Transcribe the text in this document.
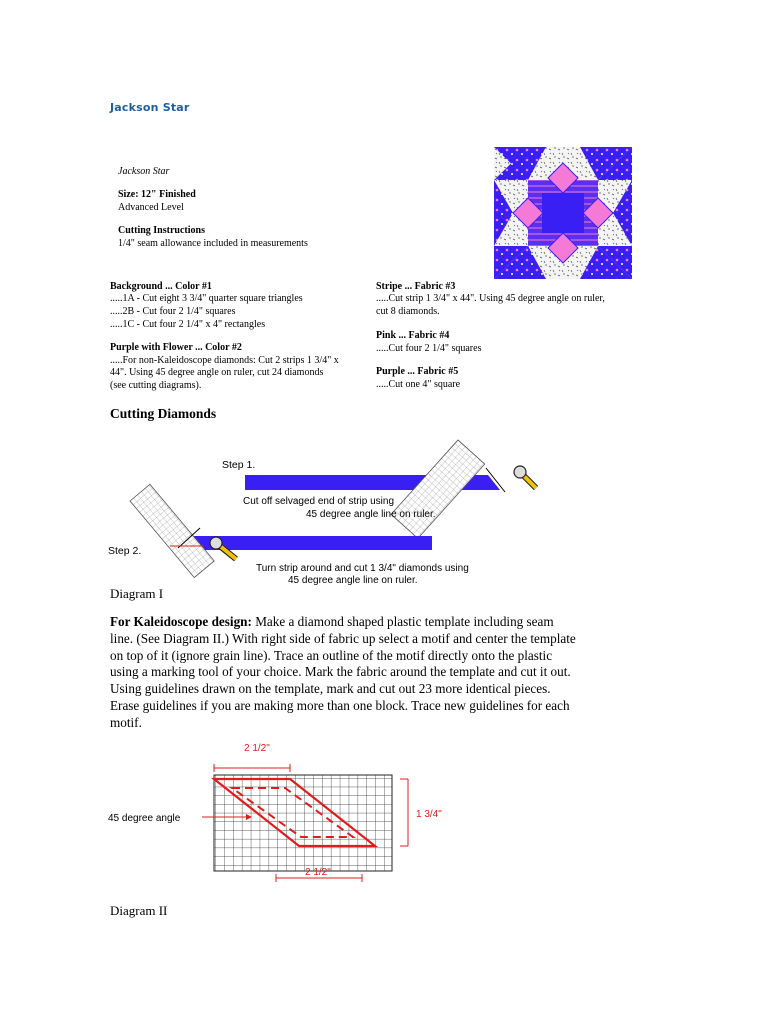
Jackson Star
Jackson Star
Size: 12" Finished
Advanced Level
Cutting Instructions
1/4" seam allowance included in measurements
Background ... Color #1
.....1A - Cut eight 3 3/4" quarter square triangles
.....2B - Cut four 2 1/4" squares
.....1C - Cut four 2 1/4" x 4" rectangles
Purple with Flower ... Color #2
.....For non-Kaleidoscope diamonds: Cut 2 strips 1 3/4" x
44". Using 45 degree angle on ruler, cut 24 diamonds
(see cutting diagrams).
Stripe ... Fabric #3
.....Cut strip 1 3/4" x 44". Using 45 degree angle on ruler,
cut 8 diamonds.
Pink ... Fabric #4
.....Cut four 2 1/4" squares
Purple ... Fabric #5
.....Cut one 4" square
Cutting Diamonds
Step 1.
Cut off selvaged end of strip using
45 degree angle line on ruler.
Step 2.
Turn strip around and cut 1 3/4" diamonds using
45 degree angle line on ruler.
Diagram I
For Kaleidoscope design: Make a diamond shaped plastic template including seam
line. (See Diagram II.) With right side of fabric up select a motif and center the template
on top of it (ignore grain line). Trace an outline of the motif directly onto the plastic
using a marking tool of your choice. Mark the fabric around the template and cut it out.
Using guidelines drawn on the template, mark and cut out 23 more identical pieces.
Erase guidelines if you are making more than one block. Trace new guidelines for each
motif.
2 1/2"
1 3/4"
2 1/2"
45 degree angle
Diagram II
